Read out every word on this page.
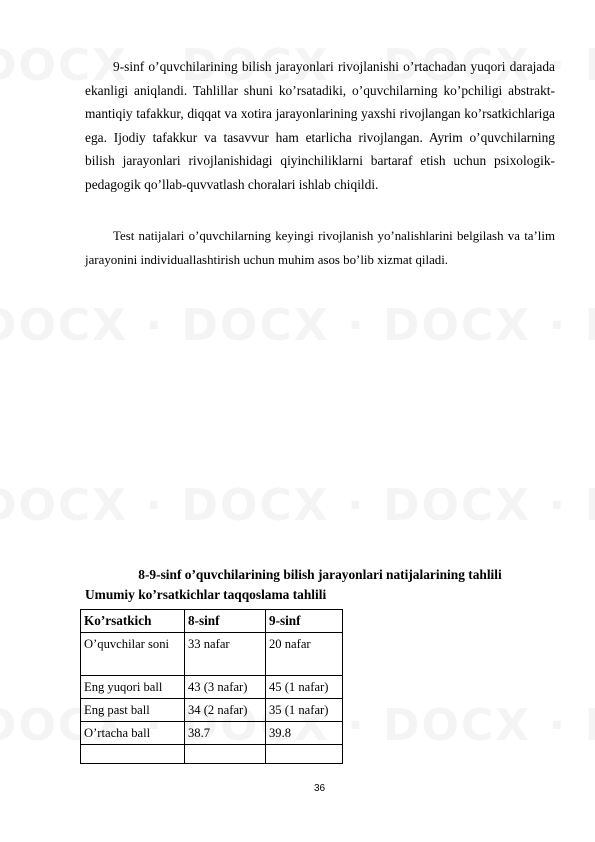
9-sinf o’quvchilarining bilish jarayonlari rivojlanishi o’rtachadan yuqori darajada ekanligi aniqlandi. Tahlillar shuni ko’rsatadiki, o’quvchilarning ko’pchiligi abstrakt-mantiqiy tafakkur, diqqat va xotira jarayonlarining yaxshi rivojlangan ko’rsatkichlariga ega. Ijodiy tafakkur va tasavvur ham etarlicha rivojlangan. Ayrim o’quvchilarning bilish jarayonlari rivojlanishidagi qiyinchiliklarni bartaraf etish uchun psixologik-pedagogik qo’llab-quvvatlash choralari ishlab chiqildi.

Test natijalari o’quvchilarning keyingi rivojlanish yo’nalishlarini belgilash va ta’lim jarayonini individuallashtirish uchun muhim asos bo’lib xizmat qiladi.

8-9-sinf o’quvchilarining bilish jarayonlari natijalarining tahlili

Umumiy ko’rsatkichlar taqqoslama tahlili

Ko’rsatkich	8-sinf	9-sinf
O’quvchilar soni	33 nafar	20 nafar
Eng yuqori ball	43 (3 nafar)	45 (1 nafar)
Eng past ball	34 (2 nafar)	35 (1 nafar)
O’rtacha ball	38.7	39.8

36
